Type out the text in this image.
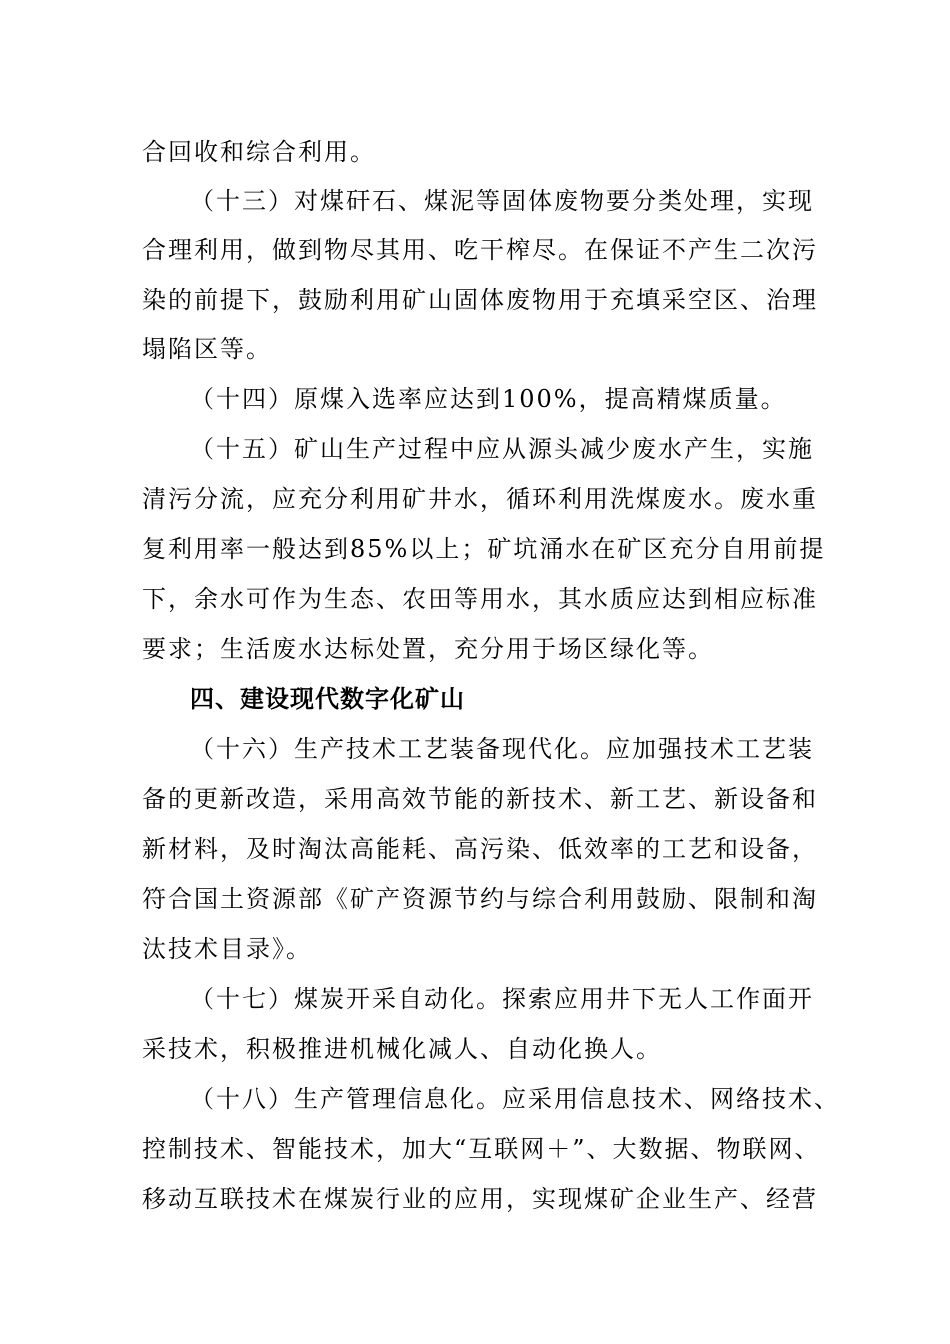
合回收和综合利用。
（十三）对煤矸石、煤泥等固体废物要分类处理，实现
合理利用，做到物尽其用、吃干榨尽。在保证不产生二次污
染的前提下，鼓励利用矿山固体废物用于充填采空区、治理
塌陷区等。
（十四）原煤入选率应达到100%，提高精煤质量。
（十五）矿山生产过程中应从源头减少废水产生，实施
清污分流，应充分利用矿井水，循环利用洗煤废水。废水重
复利用率一般达到85%以上；矿坑涌水在矿区充分自用前提
下，余水可作为生态、农田等用水，其水质应达到相应标准
要求；生活废水达标处置，充分用于场区绿化等。
四、建设现代数字化矿山
（十六）生产技术工艺装备现代化。应加强技术工艺装
备的更新改造，采用高效节能的新技术、新工艺、新设备和
新材料，及时淘汰高能耗、高污染、低效率的工艺和设备，
符合国土资源部《矿产资源节约与综合利用鼓励、限制和淘
汰技术目录》。
（十七）煤炭开采自动化。探索应用井下无人工作面开
采技术，积极推进机械化减人、自动化换人。
（十八）生产管理信息化。应采用信息技术、网络技术、
控制技术、智能技术，加大“互联网＋”、大数据、物联网、
移动互联技术在煤炭行业的应用，实现煤矿企业生产、经营
